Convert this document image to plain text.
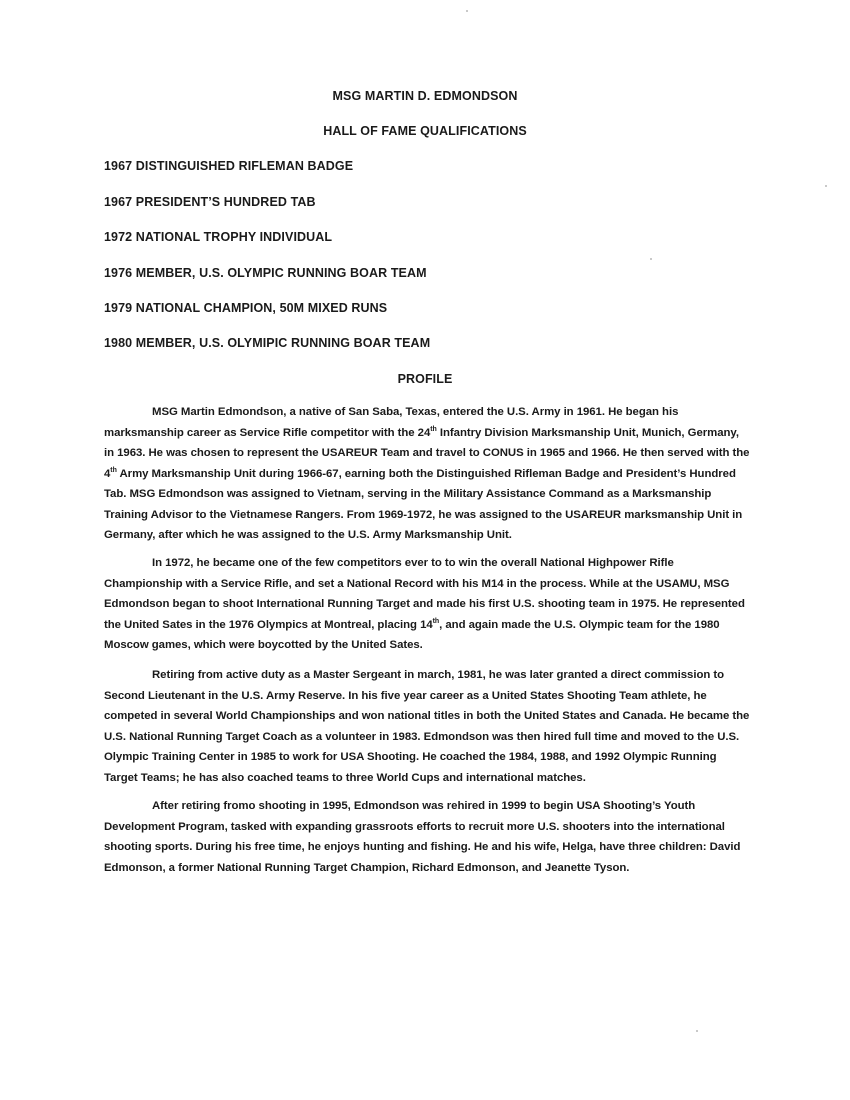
MSG MARTIN D. EDMONDSON
HALL OF FAME QUALIFICATIONS
1967 DISTINGUISHED RIFLEMAN BADGE
1967 PRESIDENT’S HUNDRED TAB
1972 NATIONAL TROPHY INDIVIDUAL
1976 MEMBER, U.S. OLYMPIC RUNNING BOAR TEAM
1979 NATIONAL CHAMPION, 50M MIXED RUNS
1980 MEMBER, U.S. OLYMIPIC RUNNING BOAR TEAM
PROFILE
MSG Martin Edmondson, a native of San Saba, Texas, entered the U.S. Army in 1961. He began his marksmanship career as Service Rifle competitor with the 24th Infantry Division Marksmanship Unit, Munich, Germany, in 1963. He was chosen to represent the USAREUR Team and travel to CONUS in 1965 and 1966. He then served with the 4th Army Marksmanship Unit during 1966-67, earning both the Distinguished Rifleman Badge and President’s Hundred Tab. MSG Edmondson was assigned to Vietnam, serving in the Military Assistance Command as a Marksmanship Training Advisor to the Vietnamese Rangers. From 1969-1972, he was assigned to the USAREUR marksmanship Unit in Germany, after which he was assigned to the U.S. Army Marksmanship Unit.
In 1972, he became one of the few competitors ever to to win the overall National Highpower Rifle Championship with a Service Rifle, and set a National Record with his M14 in the process. While at the USAMU, MSG Edmondson began to shoot International Running Target and made his first U.S. shooting team in 1975. He represented the United Sates in the 1976 Olympics at Montreal, placing 14th, and again made the U.S. Olympic team for the 1980 Moscow games, which were boycotted by the United Sates.
Retiring from active duty as a Master Sergeant in march, 1981, he was later granted a direct commission to Second Lieutenant in the U.S. Army Reserve. In his five year career as a United States Shooting Team athlete, he competed in several World Championships and won national titles in both the United States and Canada. He became the U.S. National Running Target Coach as a volunteer in 1983. Edmondson was then hired full time and moved to the U.S. Olympic Training Center in 1985 to work for USA Shooting. He coached the 1984, 1988, and 1992 Olympic Running Target Teams; he has also coached teams to three World Cups and international matches.
After retiring fromo shooting in 1995, Edmondson was rehired in 1999 to begin USA Shooting’s Youth Development Program, tasked with expanding grassroots efforts to recruit more U.S. shooters into the international shooting sports. During his free time, he enjoys hunting and fishing. He and his wife, Helga, have three children: David Edmonson, a former National Running Target Champion, Richard Edmonson, and Jeanette Tyson.
